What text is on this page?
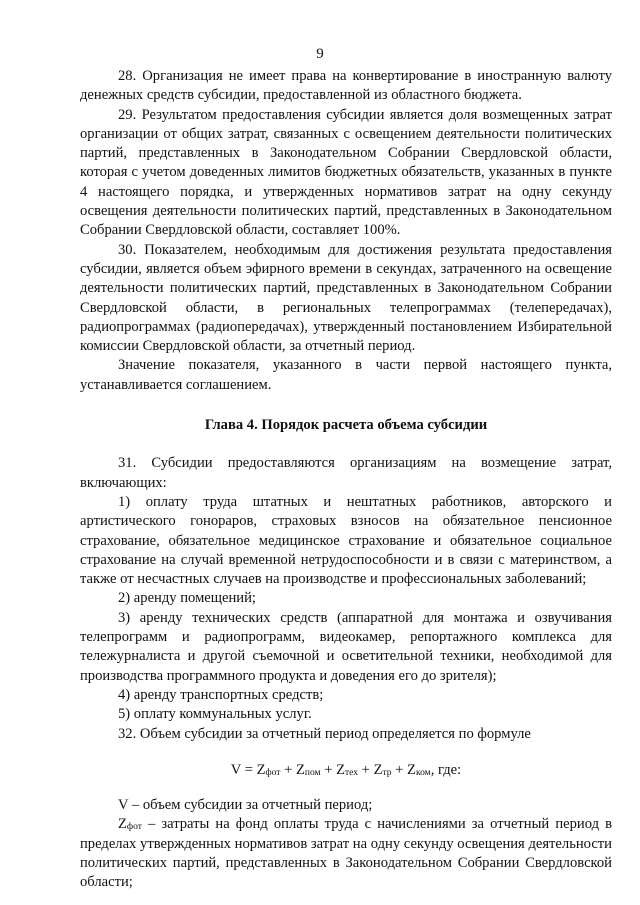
9

28. Организация не имеет права на конвертирование в иностранную валюту денежных средств субсидии, предоставленной из областного бюджета.

29. Результатом предоставления субсидии является доля возмещенных затрат организации от общих затрат, связанных с освещением деятельности политических партий, представленных в Законодательном Собрании Свердловской области, которая с учетом доведенных лимитов бюджетных обязательств, указанных в пункте 4 настоящего порядка, и утвержденных нормативов затрат на одну секунду освещения деятельности политических партий, представленных в Законодательном Собрании Свердловской области, составляет 100%.

30. Показателем, необходимым для достижения результата предоставления субсидии, является объем эфирного времени в секундах, затраченного на освещение деятельности политических партий, представленных в Законодательном Собрании Свердловской области, в региональных телепрограммах (телепередачах), радиопрограммах (радиопередачах), утвержденный постановлением Избирательной комиссии Свердловской области, за отчетный период.

Значение показателя, указанного в части первой настоящего пункта, устанавливается соглашением.

Глава 4. Порядок расчета объема субсидии

31. Субсидии предоставляются организациям на возмещение затрат, включающих:

1) оплату труда штатных и нештатных работников, авторского и артистического гонораров, страховых взносов на обязательное пенсионное страхование, обязательное медицинское страхование и обязательное социальное страхование на случай временной нетрудоспособности и в связи с материнством, а также от несчастных случаев на производстве и профессиональных заболеваний;

2) аренду помещений;

3) аренду технических средств (аппаратной для монтажа и озвучивания телепрограмм и радиопрограмм, видеокамер, репортажного комплекса для тележурналиста и другой съемочной и осветительной техники, необходимой для производства программного продукта и доведения его до зрителя);

4) аренду транспортных средств;

5) оплату коммунальных услуг.

32. Объем субсидии за отчетный период определяется по формуле

$V = Z_{фот} + Z_{пом} + Z_{тех} + Z_{тр} + Z_{ком}$, где:

V – объем субсидии за отчетный период;

$Z_{фот}$ – затраты на фонд оплаты труда с начислениями за отчетный период в пределах утвержденных нормативов затрат на одну секунду освещения деятельности политических партий, представленных в Законодательном Собрании Свердловской области;
